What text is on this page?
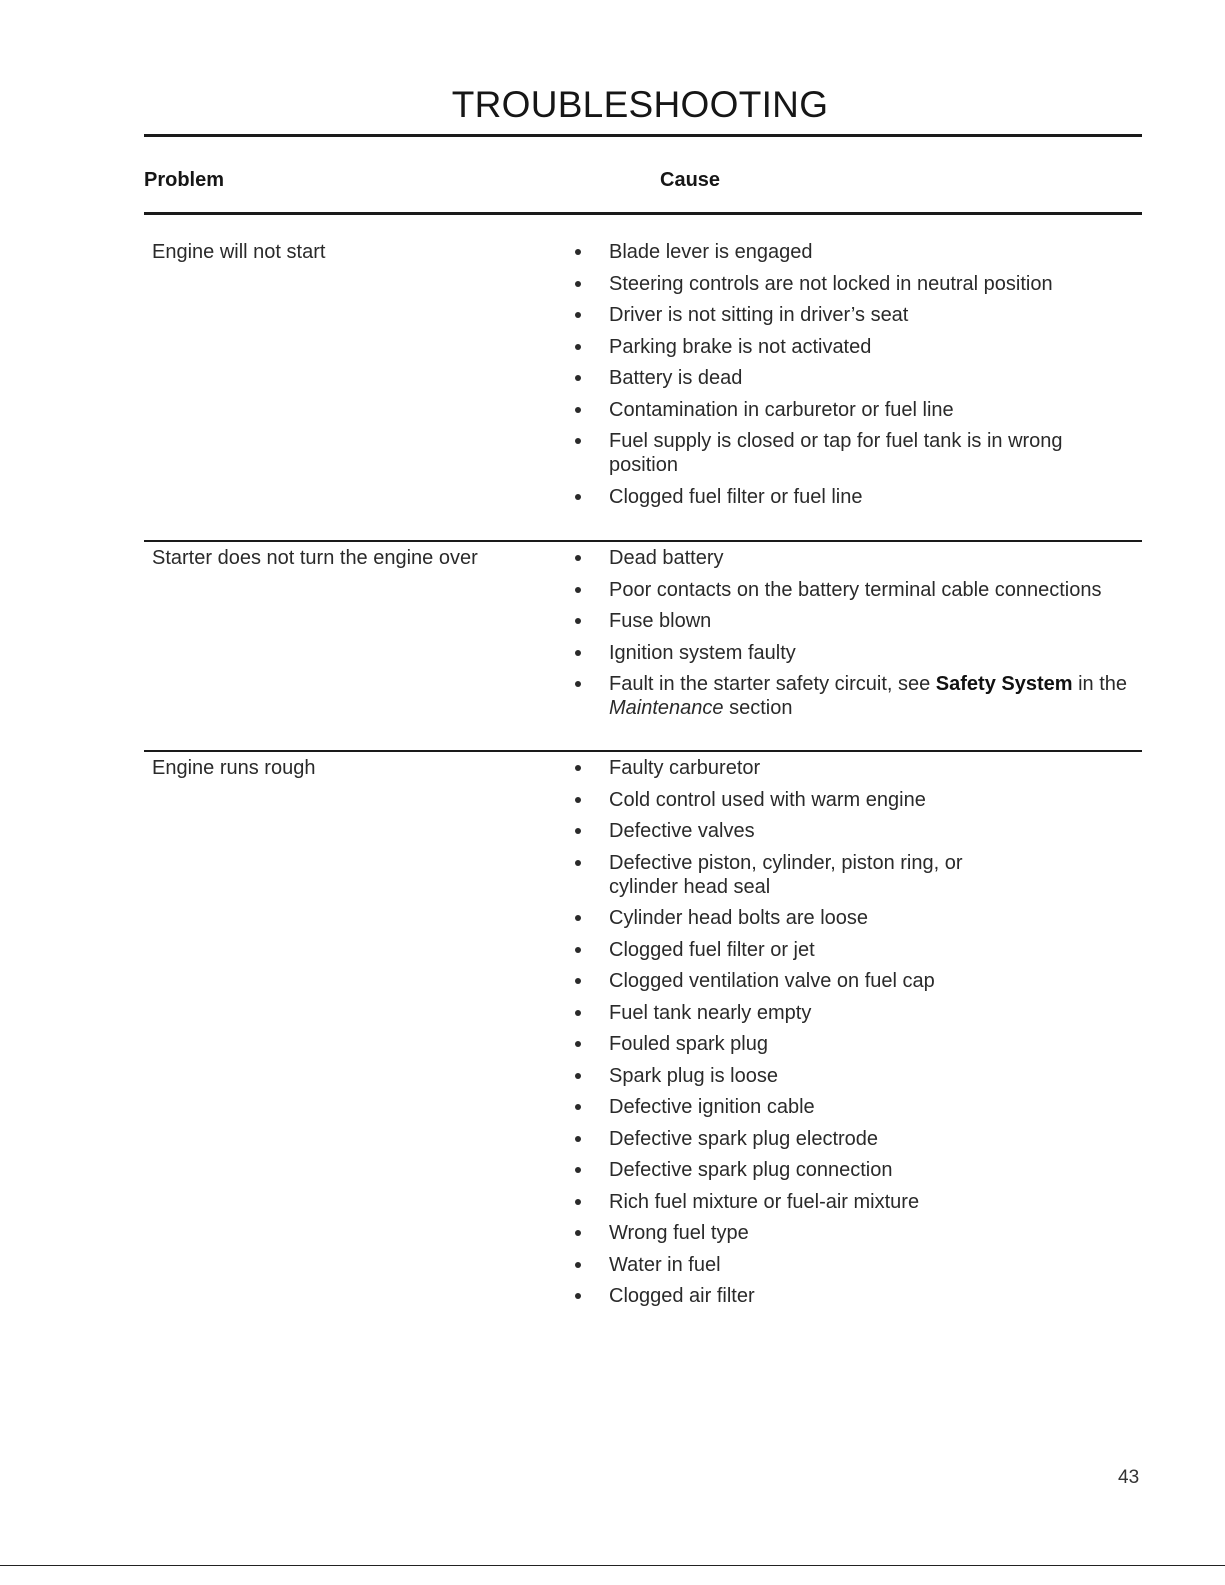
TROUBLESHOOTING
Problem	Cause
Engine will not start	Blade lever is engaged
Steering controls are not locked in neutral position
Driver is not sitting in driver’s seat
Parking brake is not activated
Battery is dead
Contamination in carburetor or fuel line
Fuel supply is closed or tap for fuel tank is in wrong position
Clogged fuel filter or fuel line
Starter does not turn the engine over	Dead battery
Poor contacts on the battery terminal cable connections
Fuse blown
Ignition system faulty
Fault in the starter safety circuit, see Safety System in the
Maintenance section
Engine runs rough	Faulty carburetor
Cold control used with warm engine
Defective valves
Defective piston, cylinder, piston ring, or cylinder head seal
Cylinder head bolts are loose
Clogged fuel filter or jet
Clogged ventilation valve on fuel cap
Fuel tank nearly empty
Fouled spark plug
Spark plug is loose
Defective ignition cable
Defective spark plug electrode
Defective spark plug connection
Rich fuel mixture or fuel-air mixture
Wrong fuel type
Water in fuel
Clogged air filter
43
